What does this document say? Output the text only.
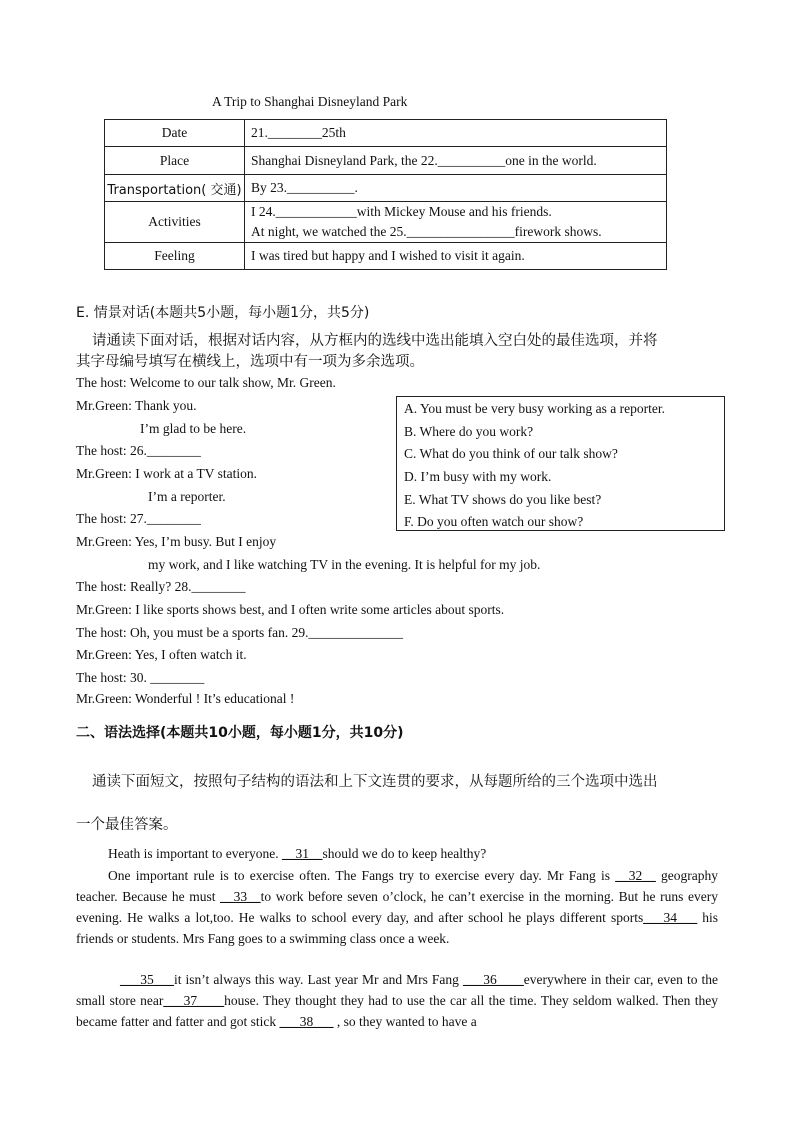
A Trip to Shanghai Disneyland Park
Date	21.________25th
Place	Shanghai Disneyland Park, the 22.__________one in the world.
Transportation( 交通)	By 23.__________.
Activities	I 24.____________with Mickey Mouse and his friends.
At night, we watched the 25.________________firework shows.

Feeling	I was tired but happy and I wished to visit it again.
E. 情景对话(本题共5小题，每小题1分，共5分)
请通读下面对话，根据对话内容，从方框内的选线中选出能填入空白处的最佳选项，并将
其字母编号填写在横线上，选项中有一项为多余选项。
The host: Welcome to our talk show, Mr. Green.
Mr.Green: Thank you.
I’m glad to be here.
The host: 26.________
Mr.Green: I work at a TV station.
I’m a reporter.
The host: 27.________
Mr.Green: Yes, I’m busy. But I enjoy
my work, and I like watching TV in the evening. It is helpful for my job.
The host: Really? 28.________
Mr.Green: I like sports shows best, and I often write some articles about sports.
The host: Oh, you must be a sports fan. 29.______________
Mr.Green: Yes, I often watch it.
The host: 30. ________
Mr.Green: Wonderful ! It’s educational !
A. You must be very busy working as a reporter.
B. Where do you work?
C. What do you think of our talk show?
D. I’m busy with my work.
E. What TV shows do you like best?
F. Do you often watch our show?
二、语法选择(本题共10小题，每小题1分，共10分)
通读下面短文，按照句子结构的语法和上下文连贯的要求，从每题所给的三个选项中选出
一个最佳答案。
Heath is important to everyone. __31__should we do to keep healthy?
One important rule is to exercise often. The Fangs try to exercise every day. Mr Fang is __32__ geography teacher. Because he must __33__to work before seven o’clock, he can’t exercise in the morning. But he runs every evening. He walks a lot,too. He walks to school every day, and after school he plays different sports___34___ his friends or students. Mrs Fang goes to a swimming class once a week.
___35___it isn’t always this way. Last year Mr and Mrs Fang ___36____everywhere in their car, even to the small store near___37____house. They thought they had to use the car all the time. They seldom walked. Then they became fatter and fatter and got stick ___38___ , so they wanted to have a
